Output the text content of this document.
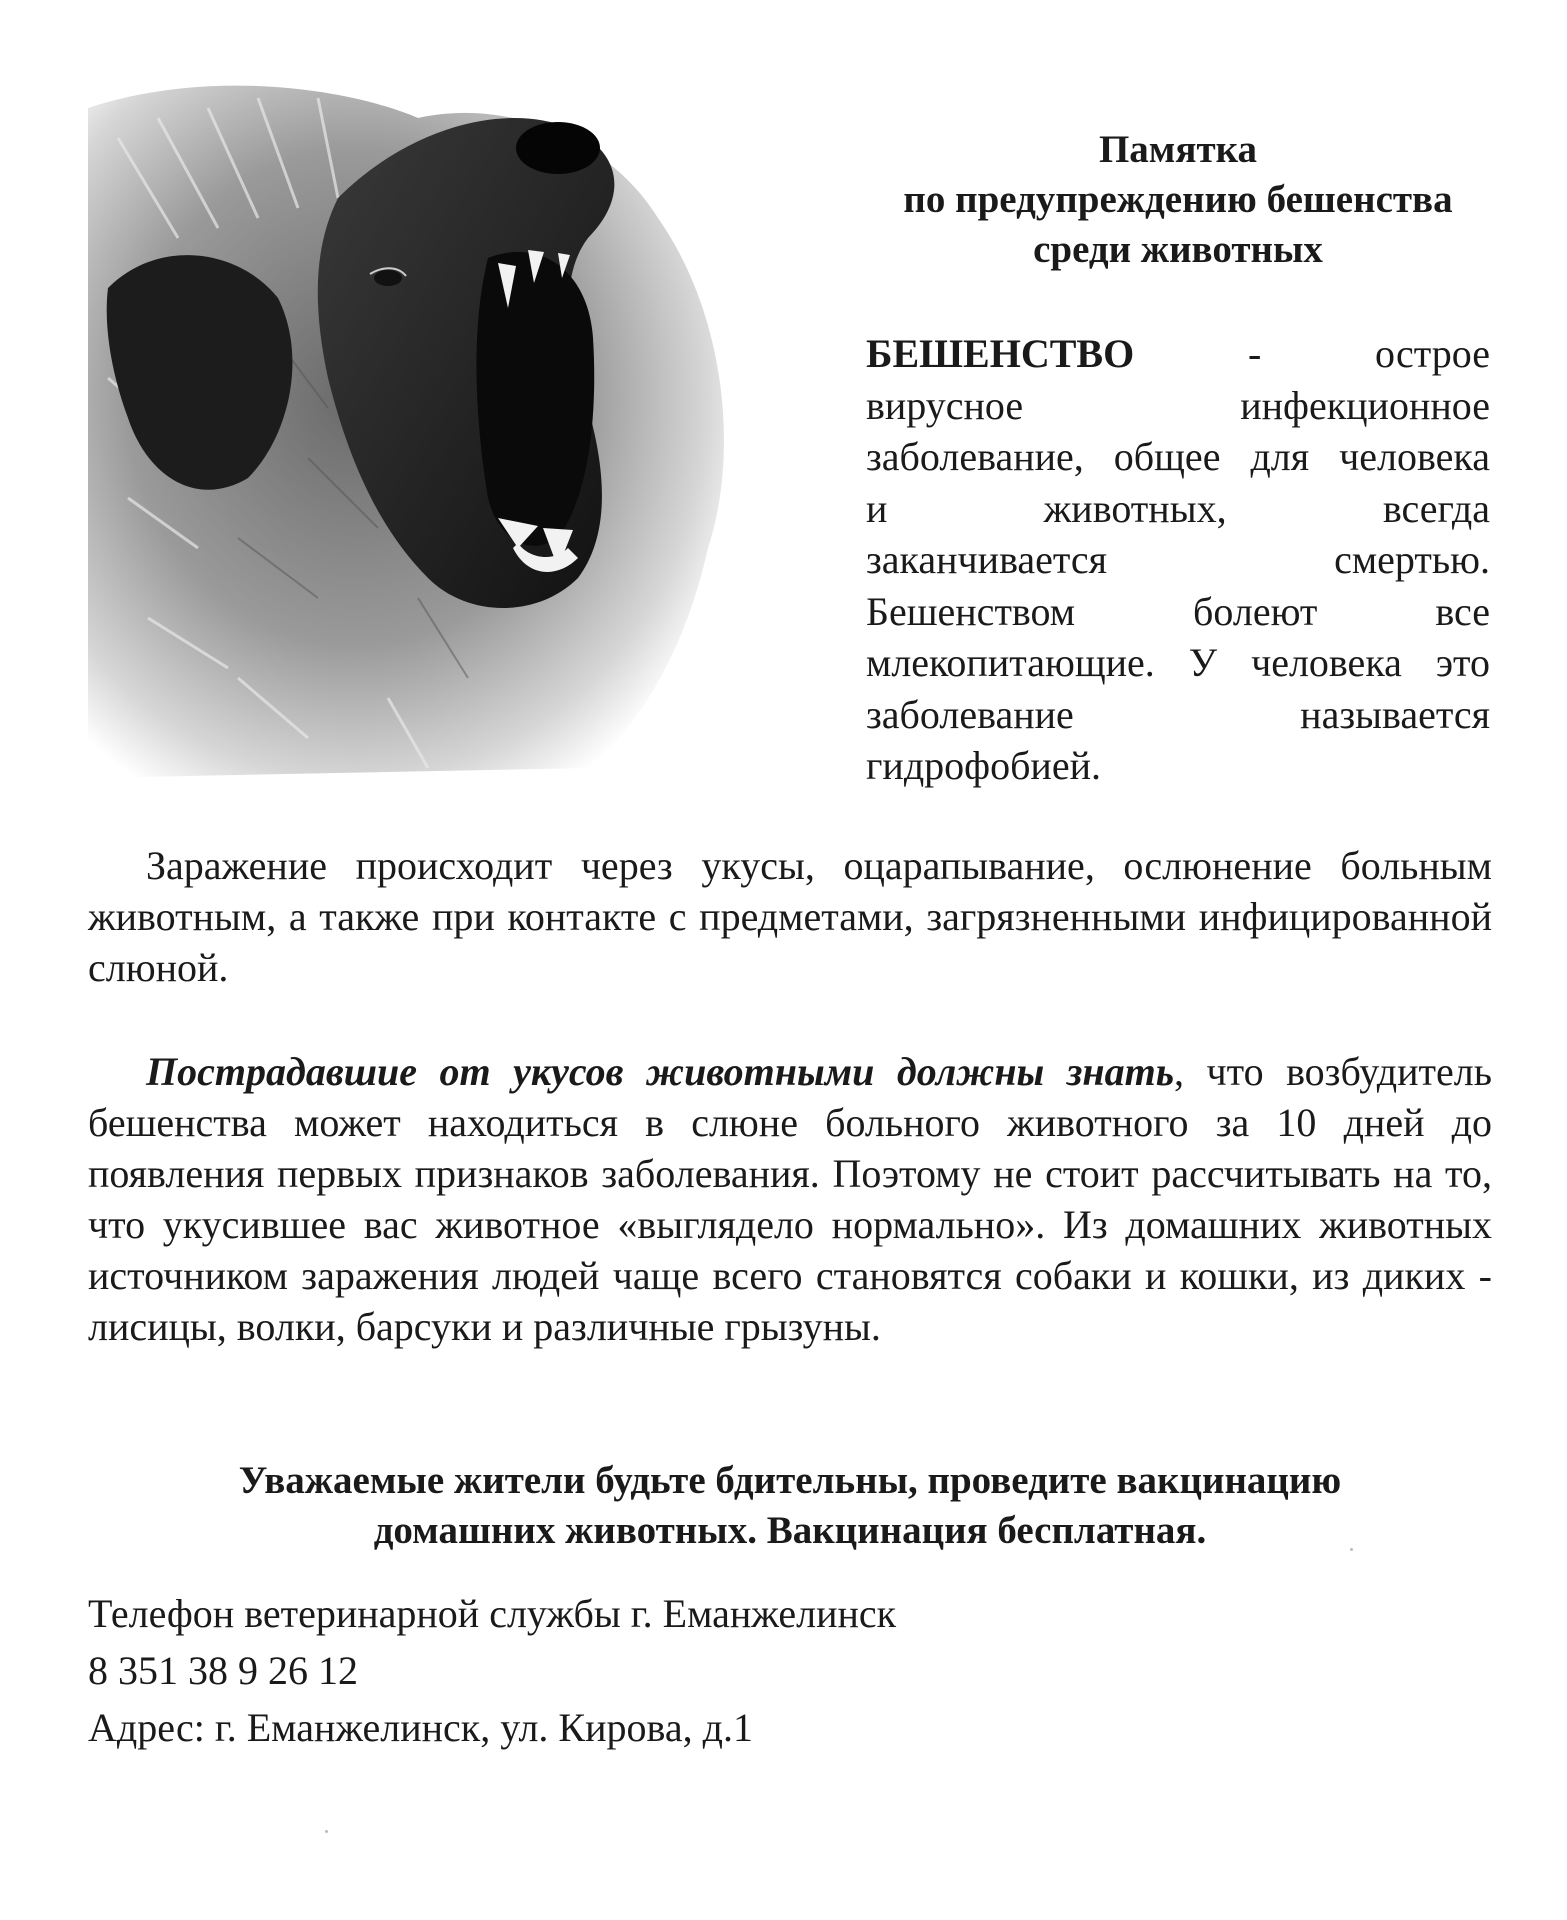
Памятка
по предупреждению бешенства
среди животных
БЕШЕНСТВО	- острое
вирусное инфекционное
заболевание, общее для человека
и животных, всегда
заканчивается смертью.
Бешенством болеют все
млекопитающие. У человека это
заболевание называется
гидрофобией.
Заражение происходит через укусы, оцарапывание, ослюнение больным животным, а также при контакте с предметами, загрязненными инфицированной слюной.
Пострадавшие от укусов животными должны знать, что возбудитель бешенства может находиться в слюне больного животного за 10 дней до появления первых признаков заболевания. Поэтому не стоит рассчитывать на то, что укусившее вас животное «выглядело нормально». Из домашних животных источником заражения людей чаще всего становятся собаки и кошки, из диких - лисицы, волки, барсуки и различные грызуны.
Уважаемые жители будьте бдительны, проведите вакцинацию
домашних животных. Вакцинация бесплатная.
Телефон ветеринарной службы г. Еманжелинск
8 351 38 9 26 12
Адрес: г. Еманжелинск, ул. Кирова, д.1
